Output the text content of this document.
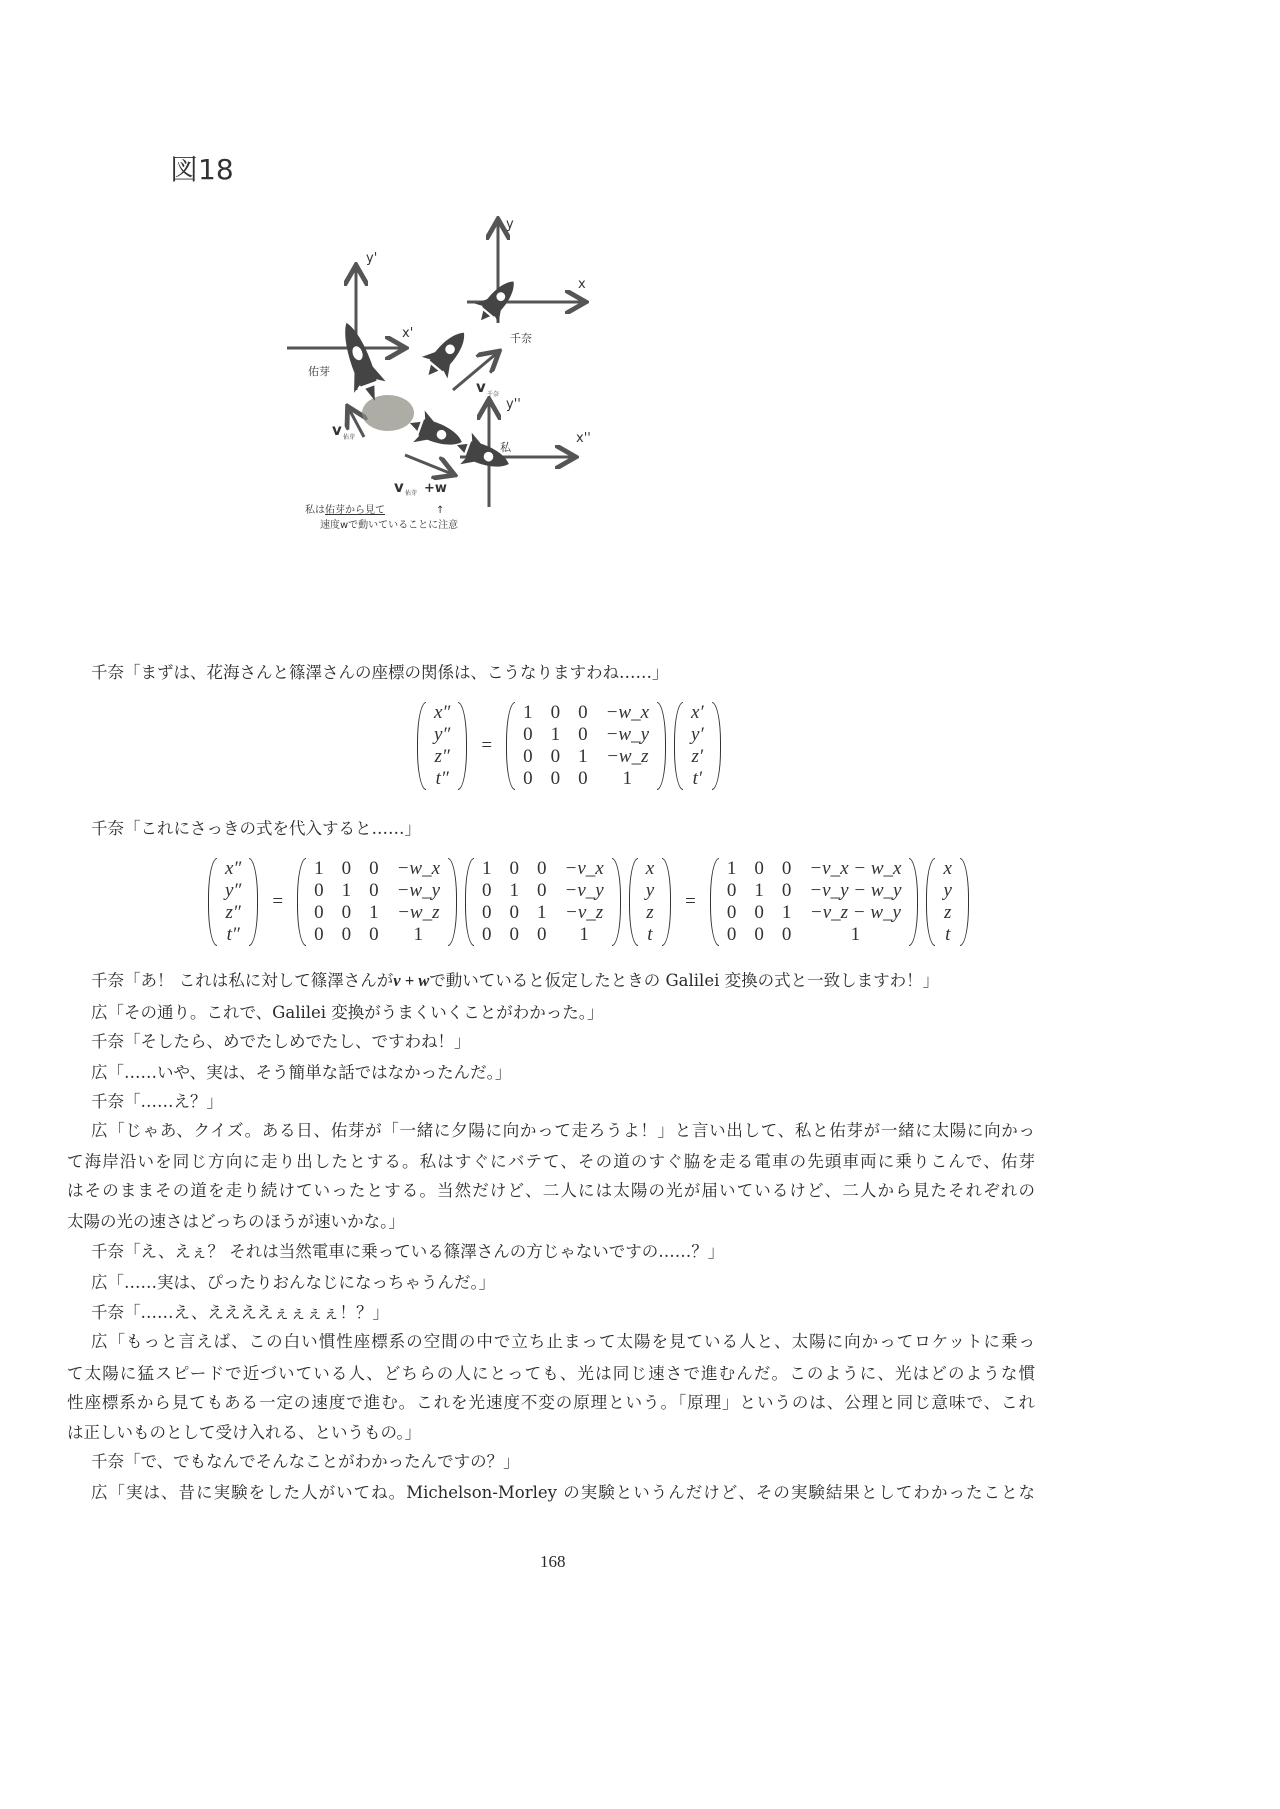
図18
y'
x'
y
x
y''
x''
千奈
佑芽
私
v 千奈
v 佑芽
v 佑芽 +w
私は佑芽から見て	↑
速度wで動いていることに注意
千奈「まずは、花海さんと篠澤さんの座標の関係は、こうなりますわね……」
x″
y″
z″
t″
=
1	0	0	−w_x
0	1	0	−w_y
0	0	1	−w_z
0	0	0	1
x′
y′
z′
t′
千奈「これにさっきの式を代入すると……」
x″
y″
z″
t″
=
1	0	0	−w_x
0	1	0	−w_y
0	0	1	−w_z
0	0	0	1
1	0	0	−v_x
0	1	0	−v_y
0	0	1	−v_z
0	0	0	1
x
y
z
t
=
1	0	0	−v_x − w_x
0	1	0	−v_y − w_y
0	0	1	−v_z − w_y
0	0	0	1
x
y
z
t
千奈「あ！ これは私に対して篠澤さんがv + wで動いていると仮定したときの Galilei 変換の式と一致しますわ！」
広「その通り。これで、Galilei 変換がうまくいくことがわかった。」
千奈「そしたら、めでたしめでたし、ですわね！」
広「……いや、実は、そう簡単な話ではなかったんだ。」
千奈「……え？」
広「じゃあ、クイズ。ある日、佑芽が「一緒に夕陽に向かって走ろうよ！」と言い出して、私と佑芽が一緒に太陽に向かっ
て海岸沿いを同じ方向に走り出したとする。私はすぐにバテて、その道のすぐ脇を走る電車の先頭車両に乗りこんで、佑芽
はそのままその道を走り続けていったとする。当然だけど、二人には太陽の光が届いているけど、二人から見たそれぞれの
太陽の光の速さはどっちのほうが速いかな。」
千奈「え、えぇ？ それは当然電車に乗っている篠澤さんの方じゃないですの……？」
広「……実は、ぴったりおんなじになっちゃうんだ。」
千奈「……え、ええええぇぇぇぇ！？」
広「もっと言えば、この白い慣性座標系の空間の中で立ち止まって太陽を見ている人と、太陽に向かってロケットに乗っ
て太陽に猛スピードで近づいている人、どちらの人にとっても、光は同じ速さで進むんだ。このように、光はどのような慣
性座標系から見てもある一定の速度で進む。これを光速度不変の原理という。「原理」というのは、公理と同じ意味で、これ
は正しいものとして受け入れる、というもの。」
千奈「で、でもなんでそんなことがわかったんですの？」
広「実は、昔に実験をした人がいてね。Michelson-Morley の実験というんだけど、その実験結果としてわかったことな
168
